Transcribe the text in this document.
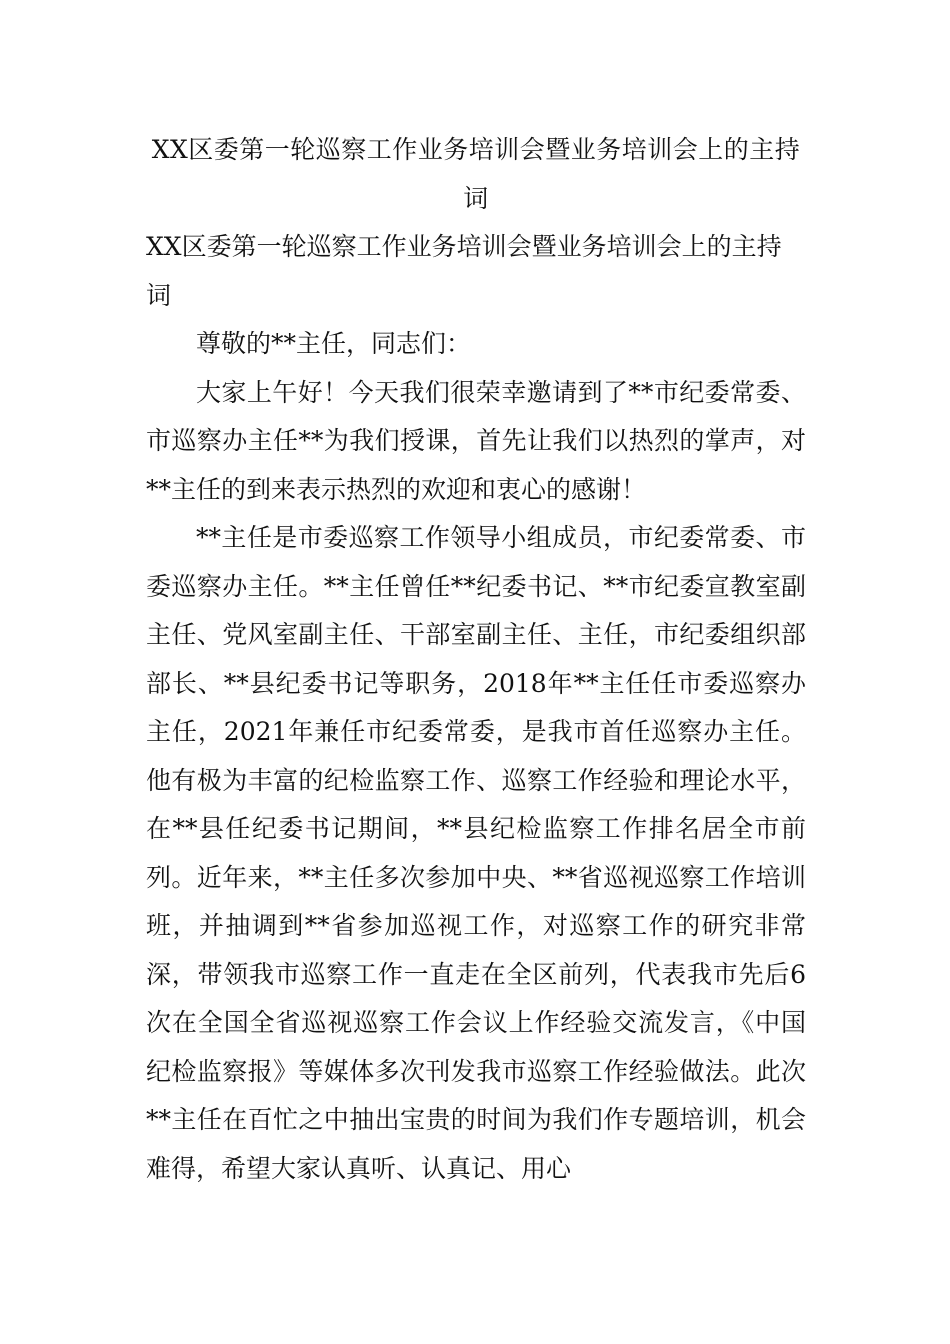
XX区委第一轮巡察工作业务培训会暨业务培训会上的主持词

XX区委第一轮巡察工作业务培训会暨业务培训会上的主持词

尊敬的**主任，同志们：

大家上午好！今天我们很荣幸邀请到了**市纪委常委、市巡察办主任**为我们授课，首先让我们以热烈的掌声，对**主任的到来表示热烈的欢迎和衷心的感谢！

**主任是市委巡察工作领导小组成员，市纪委常委、市委巡察办主任。**主任曾任**纪委书记、**市纪委宣教室副主任、党风室副主任、干部室副主任、主任，市纪委组织部部长、**县纪委书记等职务，2018年**主任任市委巡察办主任，2021年兼任市纪委常委，是我市首任巡察办主任。他有极为丰富的纪检监察工作、巡察工作经验和理论水平，在**县任纪委书记期间，**县纪检监察工作排名居全市前列。近年来，**主任多次参加中央、**省巡视巡察工作培训班，并抽调到**省参加巡视工作，对巡察工作的研究非常深，带领我市巡察工作一直走在全区前列，代表我市先后6次在全国全省巡视巡察工作会议上作经验交流发言，《中国纪检监察报》等媒体多次刊发我市巡察工作经验做法。此次**主任在百忙之中抽出宝贵的时间为我们作专题培训，机会难得，希望大家认真听、认真记、用心
